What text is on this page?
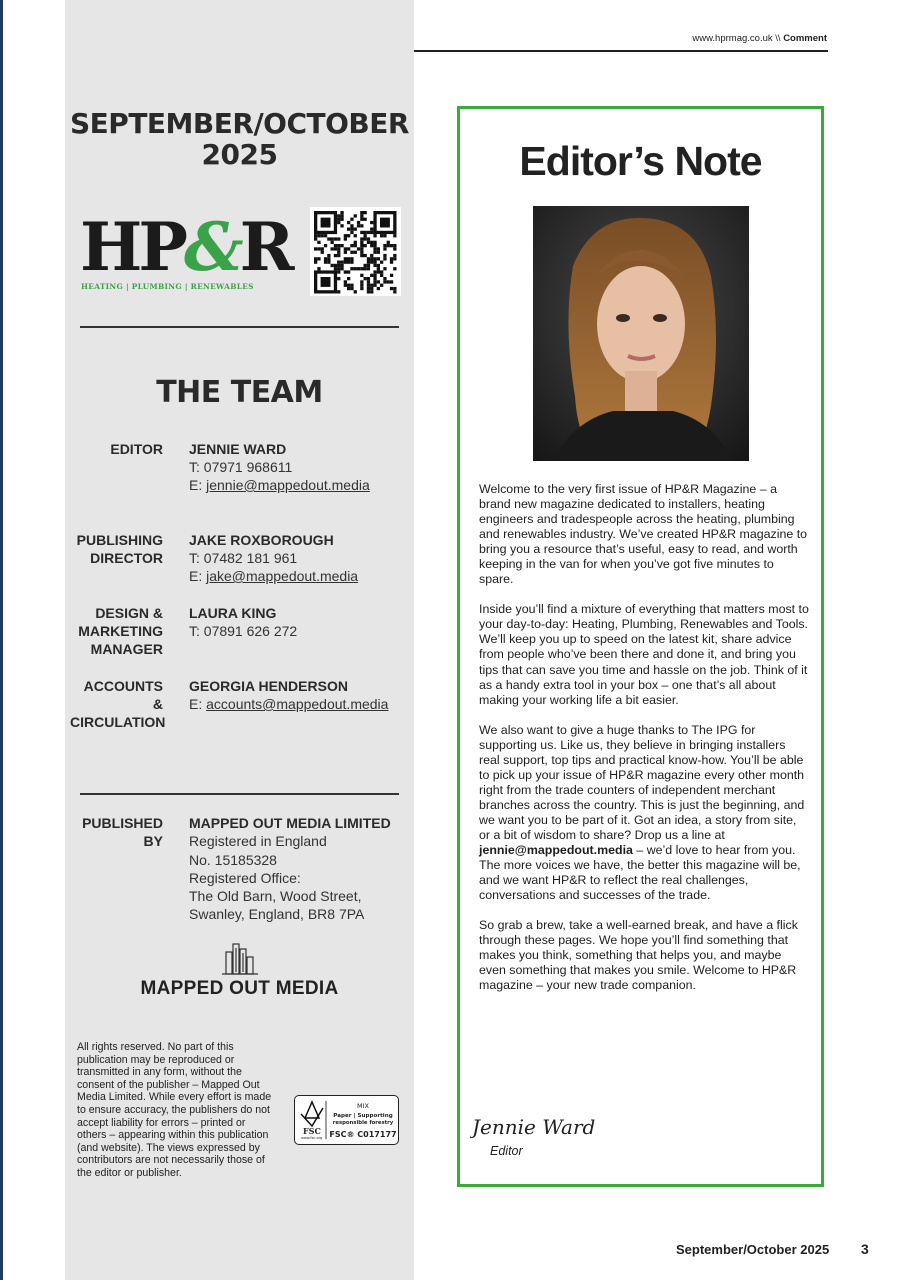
SEPTEMBER/OCTOBER
2025
HP&R
HEATING | PLUMBING | RENEWABLES
THE TEAM
EDITOR JENNIE WARD
T: 07971 968611
E: jennie@mappedout.media
PUBLISHING
DIRECTOR
JAKE ROXBOROUGH
T: 07482 181 961
E: jake@mappedout.media
DESIGN &
MARKETING
MANAGER
LAURA KING
T: 07891 626 272
ACCOUNTS &
CIRCULATION
GEORGIA HENDERSON
E: accounts@mappedout.media
PUBLISHED
BY
MAPPED OUT MEDIA LIMITED
Registered in England
No. 15185328
Registered Office:
The Old Barn, Wood Street,
Swanley, England, BR8 7PA
MAPPED OUT MEDIA
All rights reserved. No part of this publication may be reproduced or transmitted in any form, without the consent of the publisher – Mapped Out Media Limited. While every effort is made to ensure accuracy, the publishers do not accept liability for errors – printed or others – appearing within this publication (and website). The views expressed by contributors are not necessarily those of the editor or publisher.
FSC
www.fsc.org
MIX
Paper | Supporting
responsible forestry
FSC® C017177
www.hprmag.co.uk \\ Comment
Editor’s Note

Welcome to the very first issue of HP&R Magazine – a brand new magazine dedicated to installers, heating engineers and tradespeople across the heating, plumbing and renewables industry. We’ve created HP&R magazine to bring you a resource that’s useful, easy to read, and worth keeping in the van for when you’ve got five minutes to spare.

Inside you’ll find a mixture of everything that matters most to your day-to-day: Heating, Plumbing, Renewables and Tools. We’ll keep you up to speed on the latest kit, share advice from people who’ve been there and done it, and bring you tips that can save you time and hassle on the job. Think of it as a handy extra tool in your box – one that’s all about making your working life a bit easier.

We also want to give a huge thanks to The IPG for supporting us. Like us, they believe in bringing installers real support, top tips and practical know-how. You’ll be able to pick up your issue of HP&R magazine every other month right from the trade counters of independent merchant branches across the country. This is just the beginning, and we want you to be part of it. Got an idea, a story from site, or a bit of wisdom to share? Drop us a line at jennie@mappedout.media – we’d love to hear from you. The more voices we have, the better this magazine will be, and we want HP&R to reflect the real challenges, conversations and successes of the trade.

So grab a brew, take a well-earned break, and have a flick through these pages. We hope you’ll find something that makes you think, something that helps you, and maybe even something that makes you smile. Welcome to HP&R magazine – your new trade companion.

Jennie Ward
Editor
September/October 2025 3
